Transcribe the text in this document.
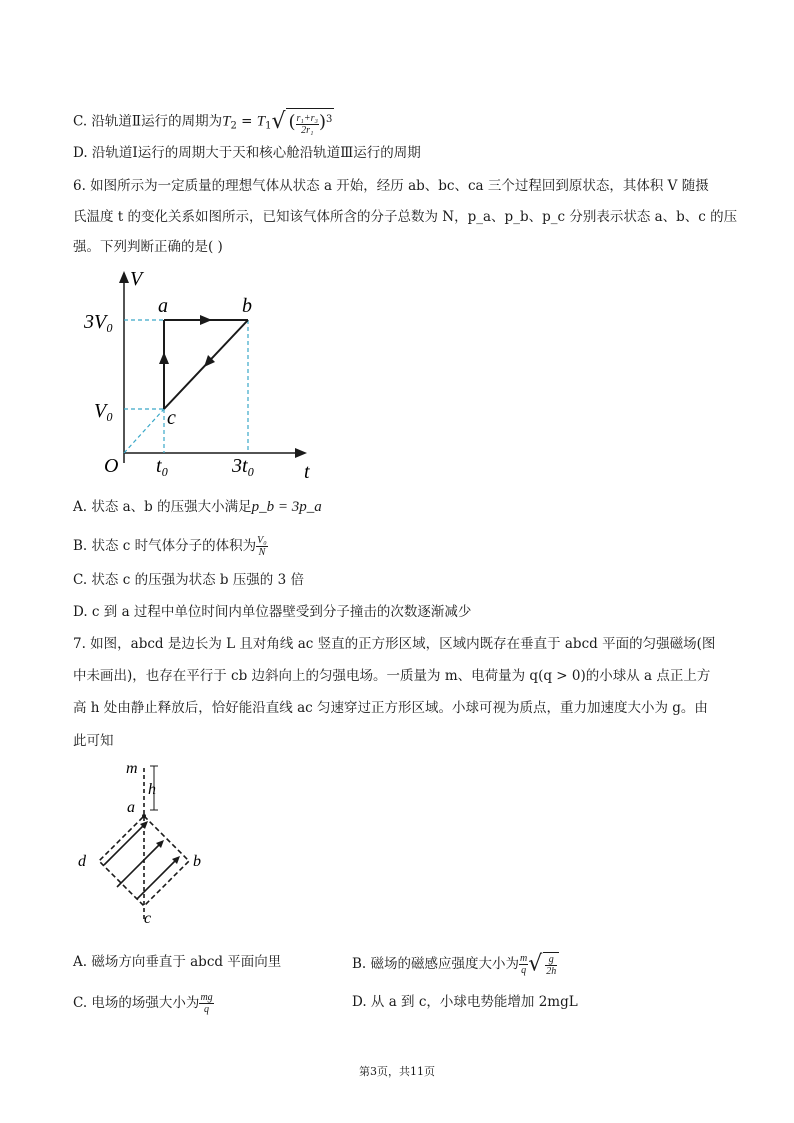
C. 沿轨道Ⅱ运行的周期为$T_2 = T_1√$ ( $\frac{\text{r₁+r₃}}{\text{2r₁}} )^3$
D. 沿轨道Ⅰ运行的周期大于天和核心舱沿轨道Ⅲ运行的周期
6. 如图所示为一定质量的理想气体从状态 a 开始，经历 ab、bc、ca 三个过程回到原状态，其体积 V 随摄
氏温度 t 的变化关系如图所示，已知该气体所含的分子总数为 N，p_a、p_b、p_c 分别表示状态 a、b、c 的压
强。下列判断正确的是( )
V
t
O
a	b
c
3V₀
V₀
t₀	3t₀
A. 状态 a、b 的压强大小满足p_b = 3p_a
B. 状态 c 时气体分子的体积为 $\frac{\text{V₀}}{N}$
C. 状态 c 的压强为状态 b 压强的 3 倍
D. c 到 a 过程中单位时间内单位器壁受到分子撞击的次数逐渐减少
7. 如图，abcd 是边长为 L 且对角线 ac 竖直的正方形区域，区域内既存在垂直于 abcd 平面的匀强磁场(图
中未画出)，也存在平行于 cb 边斜向上的匀强电场。一质量为 m、电荷量为 q(q > 0)的小球从 a 点正上方
高 h 处由静止释放后，恰好能沿直线 ac 匀速穿过正方形区域。小球可视为质点，重力加速度大小为 g。由
此可知
m
h
a
b
c
d
A. 磁场方向垂直于 abcd 平面向里	B. 磁场的磁感应强度大小为 $\frac{m}{q}$ √ $\frac{g}{2h}$
C. 电场的场强大小为 $\frac{mg}{q}$	D. 从 a 到 c，小球电势能增加 2mgL
第3页，共11页
